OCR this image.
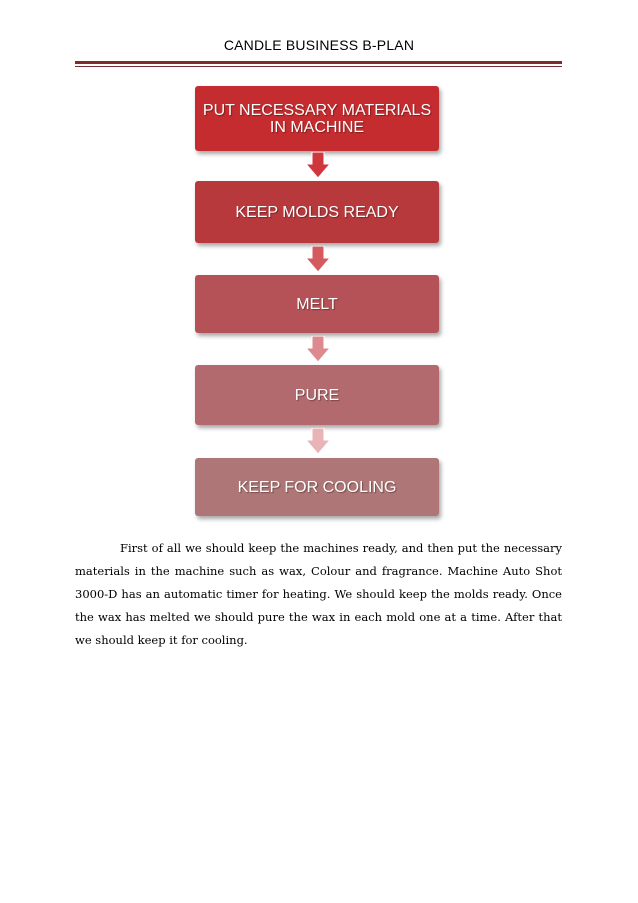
CANDLE BUSINESS B-PLAN
PUT NECESSARY MATERIALS IN MACHINE
KEEP MOLDS READY
MELT
PURE
KEEP FOR COOLING

First of all we should keep the machines ready, and then put the necessary materials in the machine such as wax, Colour and fragrance. Machine Auto Shot 3000-D has an automatic timer for heating. We should keep the molds ready. Once the wax has melted we should pure the wax in each mold one at a time. After that we should keep it for cooling.
